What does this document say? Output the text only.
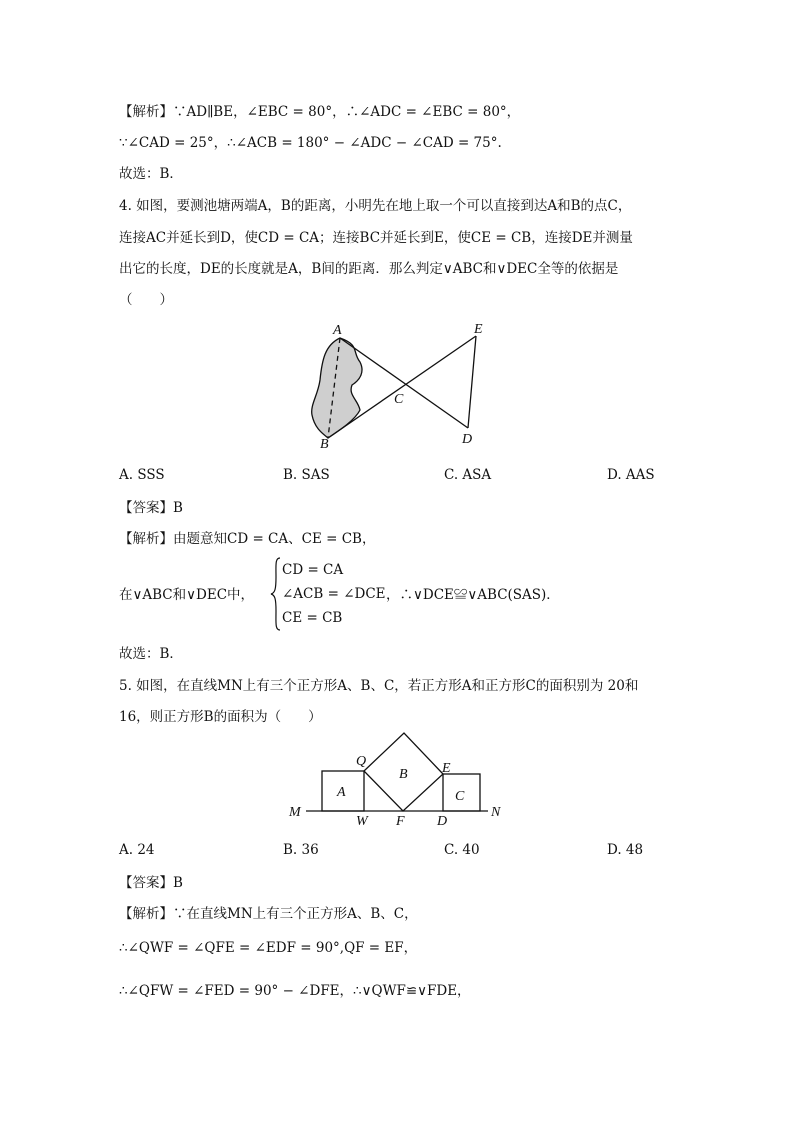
【解析】∵AD∥BE，∠EBC = 80°，∴∠ADC = ∠EBC = 80°，
∵∠CAD = 25°，∴∠ACB = 180° − ∠ADC − ∠CAD = 75°.
故选：B．
4. 如图，要测池塘两端A，B的距离，小明先在地上取一个可以直接到达A和B的点C，
连接AC并延长到D，使CD = CA；连接BC并延长到E，使CE = CB，连接DE并测量
出它的长度，DE的长度就是A，B间的距离．那么判定∨ABC和∨DEC全等的依据是
（　　）
A	E
C
B	D
A. SSS	B. SAS	C. ASA	D. AAS
【答案】B
【解析】由题意知CD = CA、CE = CB，
在∨ABC和∨DEC中，
CD = CA
∠ACB = ∠DCE
CE = CB
，∴∨DCE≌∨ABC(SAS)．
故选：B．
5. 如图，在直线MN上有三个正方形A、B、C，若正方形A和正方形C的面积别为 20和
16，则正方形B的面积为（　　）
Q	E
A
B
C
M	N
W F D
A. 24	B. 36	C. 40	D. 48
【答案】B
【解析】∵在直线MN上有三个正方形A、B、C，
∴∠QWF = ∠QFE = ∠EDF = 90°,QF = EF，
∴∠QFW = ∠FED = 90° − ∠DFE，∴∨QWF≌∨FDE，
